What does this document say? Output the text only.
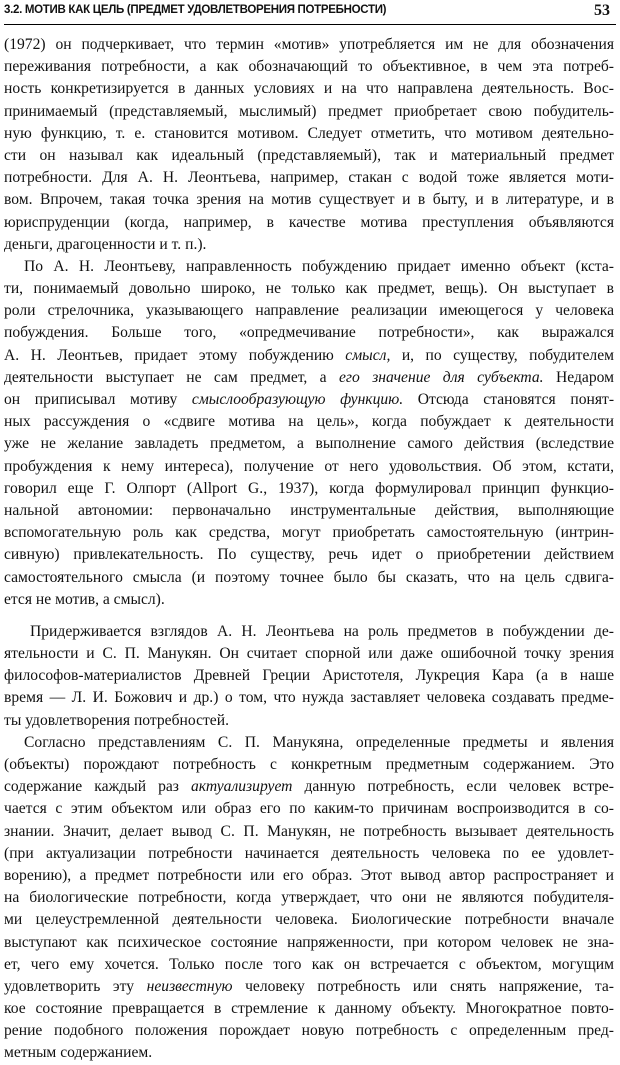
3.2. МОТИВ КАК ЦЕЛЬ (ПРЕДМЕТ УДОВЛЕТВОРЕНИЯ ПОТРЕБНОСТИ)	53
(1972) он подчеркивает, что термин «мотив» употребляется им не для обозначения
переживания потребности, а как обозначающий то объективное, в чем эта потреб-
ность конкретизируется в данных условиях и на что направлена деятельность. Вос-
принимаемый (представляемый, мыслимый) предмет приобретает свою побудитель-
ную функцию, т. е. становится мотивом. Следует отметить, что мотивом деятельно-
сти он называл как идеальный (представляемый), так и материальный предмет
потребности. Для А. Н. Леонтьева, например, стакан с водой тоже является моти-
вом. Впрочем, такая точка зрения на мотив существует и в быту, и в литературе, и в
юриспруденции (когда, например, в качестве мотива преступления объявляются
деньги, драгоценности и т. п.).
По А. Н. Леонтьеву, направленность побуждению придает именно объект (кста-
ти, понимаемый довольно широко, не только как предмет, вещь). Он выступает в
роли стрелочника, указывающего направление реализации имеющегося у человека
побуждения. Больше того, «опредмечивание потребности», как выражался
А. Н. Леонтьев, придает этому побуждению смысл, и, по существу, побудителем
деятельности выступает не сам предмет, а его значение для субъекта. Недаром
он приписывал мотиву смыслообразующую функцию. Отсюда становятся понят-
ных рассуждения о «сдвиге мотива на цель», когда побуждает к деятельности
уже не желание завладеть предметом, а выполнение самого действия (вследствие
пробуждения к нему интереса), получение от него удовольствия. Об этом, кстати,
говорил еще Г. Олпорт (Allport G., 1937), когда формулировал принцип функцио-
нальной автономии: первоначально инструментальные действия, выполняющие
вспомогательную роль как средства, могут приобретать самостоятельную (интрин-
сивную) привлекательность. По существу, речь идет о приобретении действием
самостоятельного смысла (и поэтому точнее было бы сказать, что на цель сдвига-
ется не мотив, а смысл).
Придерживается взглядов А. Н. Леонтьева на роль предметов в побуждении де-
ятельности и С. П. Манукян. Он считает спорной или даже ошибочной точку зрения
философов-материалистов Древней Греции Аристотеля, Лукреция Кара (а в наше
время — Л. И. Божович и др.) о том, что нужда заставляет человека создавать предме-
ты удовлетворения потребностей.
Согласно представлениям С. П. Манукяна, определенные предметы и явления
(объекты) порождают потребность с конкретным предметным содержанием. Это
содержание каждый раз актуализирует данную потребность, если человек встре-
чается с этим объектом или образ его по каким-то причинам воспроизводится в со-
знании. Значит, делает вывод С. П. Манукян, не потребность вызывает деятельность
(при актуализации потребности начинается деятельность человека по ее удовлет-
ворению), а предмет потребности или его образ. Этот вывод автор распространяет и
на биологические потребности, когда утверждает, что они не являются побудителя-
ми целеустремленной деятельности человека. Биологические потребности вначале
выступают как психическое состояние напряженности, при котором человек не зна-
ет, чего ему хочется. Только после того как он встречается с объектом, могущим
удовлетворить эту неизвестную человеку потребность или снять напряжение, та-
кое состояние превращается в стремление к данному объекту. Многократное повто-
рение подобного положения порождает новую потребность с определенным пред-
метным содержанием.
